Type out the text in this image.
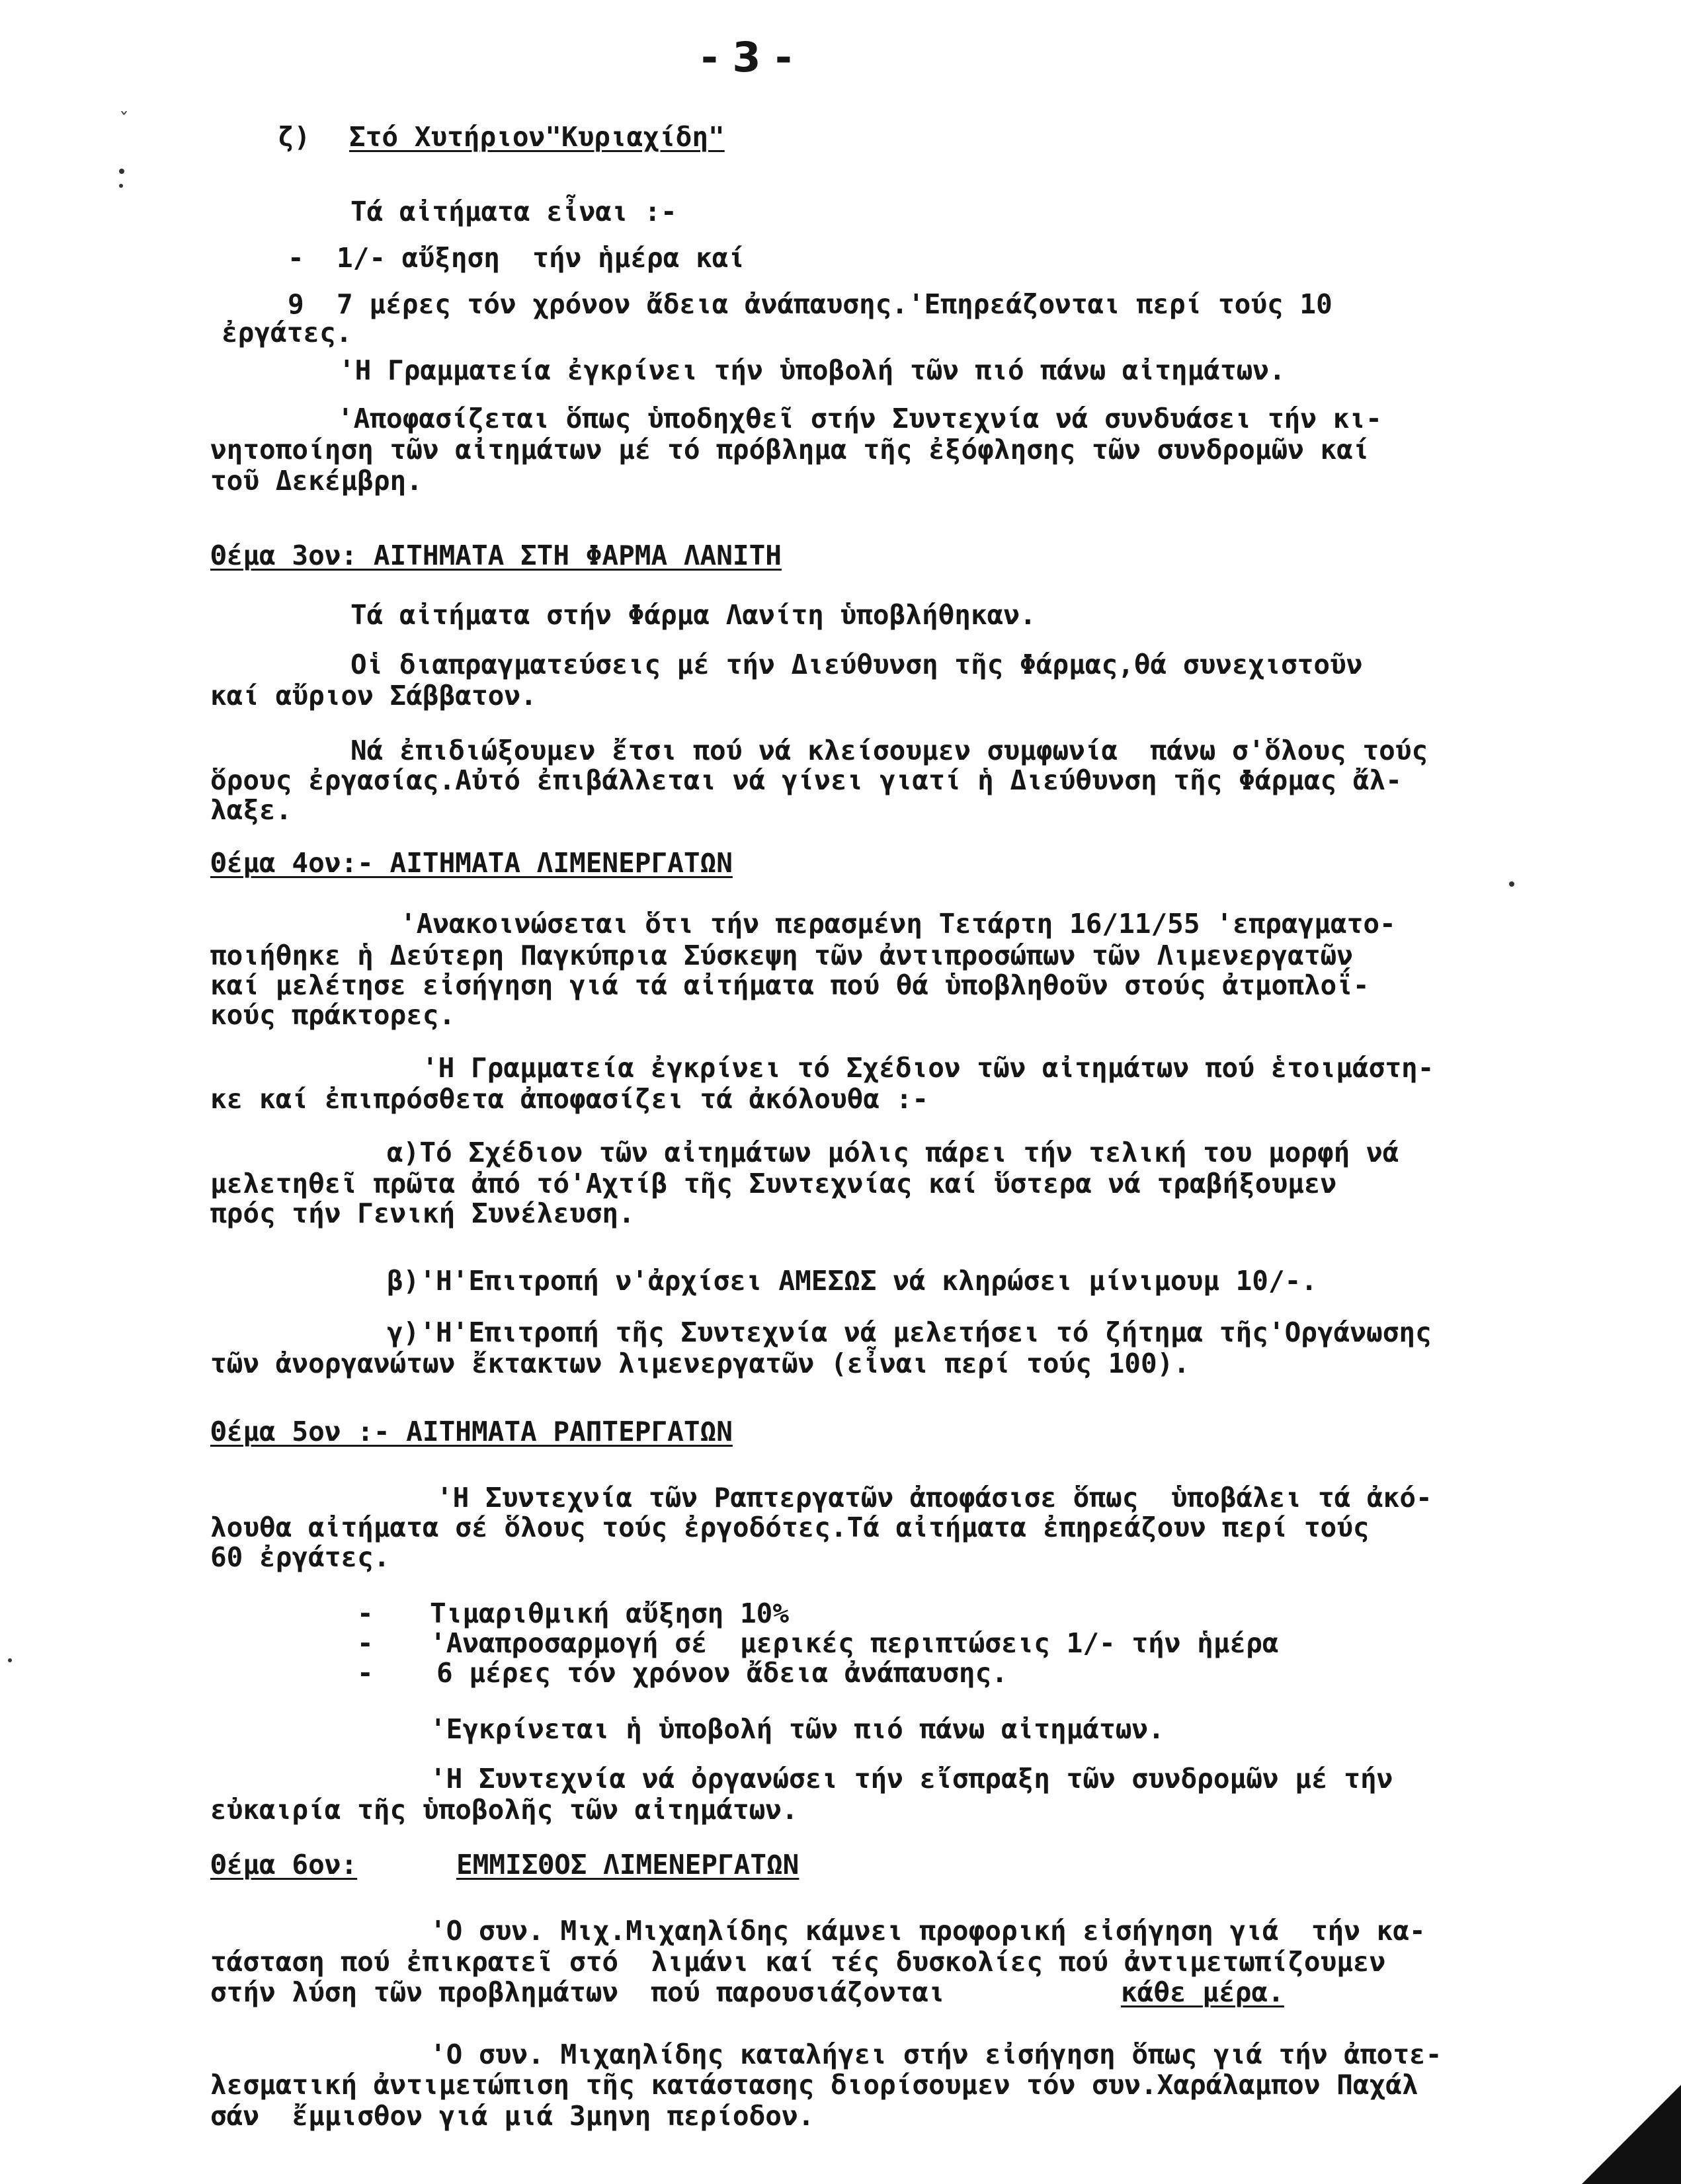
- 3 -
ˇ
ζ) Στό Χυτήριον"Κυριαχίδη"
Τά αἰτήματα εἶναι :-
-  1/- αὔξηση  τήν ἡμέρα καί
9  7 μέρες τόν χρόνον ἄδεια ἀνάπαυσης.'Επηρεάζονται περί τούς 10
ἐργάτες.
'Η Γραμματεία ἐγκρίνει τήν ὑποβολή τῶν πιό πάνω αἰτημάτων.
'Αποφασίζεται ὅπως ὑποδηχθεῖ στήν Συντεχνία νά συνδυάσει τήν κι-
νητοποίηση τῶν αἰτημάτων μέ τό πρόβλημα τῆς ἐξόφλησης τῶν συνδρομῶν καί
τοῦ Δεκέμβρη.
Θέμα 3ον: ΑΙΤΗΜΑΤΑ ΣΤΗ ΦΑΡΜΑ ΛΑΝΙΤΗ
Τά αἰτήματα στήν Φάρμα Λανίτη ὑποβλήθηκαν.
Οἱ διαπραγματεύσεις μέ τήν Διεύθυνση τῆς Φάρμας,θά συνεχιστοῦν
καί αὔριον Σάββατον.
Νά ἐπιδιώξουμεν ἔτσι πού νά κλείσουμεν συμφωνία  πάνω σ'ὅλους τούς
ὅρους ἐργασίας.Αὐτό ἐπιβάλλεται νά γίνει γιατί ἡ Διεύθυνση τῆς Φάρμας ἄλ-
λαξε.
Θέμα 4ον:- ΑΙΤΗΜΑΤΑ ΛΙΜΕΝΕΡΓΑΤΩΝ
'Ανακοινώσεται ὅτι τήν περασμένη Τετάρτη 16/11/55 'επραγματο-
ποιήθηκε ἡ Δεύτερη Παγκύπρια Σύσκεψη τῶν ἀντιπροσώπων τῶν Λιμενεργατῶν
καί μελέτησε εἰσήγηση γιά τά αἰτήματα πού θά ὑποβληθοῦν στούς ἀτμοπλοΐ-
κούς πράκτορες.
'Η Γραμματεία ἐγκρίνει τό Σχέδιον τῶν αἰτημάτων πού ἑτοιμάστη-
κε καί ἐπιπρόσθετα ἀποφασίζει τά ἀκόλουθα :-
α)Τό Σχέδιον τῶν αἰτημάτων μόλις πάρει τήν τελική του μορφή νά
μελετηθεῖ πρῶτα ἀπό τό'Αχτίβ τῆς Συντεχνίας καί ὕστερα νά τραβήξουμεν
πρός τήν Γενική Συνέλευση.
β)'Η'Επιτροπή ν'ἀρχίσει ΑΜΕΣΩΣ νά κληρώσει μίνιμουμ 10/-.
γ)'Η'Επιτροπή τῆς Συντεχνία νά μελετήσει τό ζήτημα τῆς'Οργάνωσης
τῶν ἀνοργανώτων ἔκτακτων λιμενεργατῶν (εἶναι περί τούς 100).
Θέμα 5ον :- ΑΙΤΗΜΑΤΑ ΡΑΠΤΕΡΓΑΤΩΝ
'Η Συντεχνία τῶν Ραπτεργατῶν ἀποφάσισε ὅπως  ὑποβάλει τά ἀκό-
λουθα αἰτήματα σέ ὅλους τούς ἐργοδότες.Τά αἰτήματα ἐπηρεάζουν περί τούς
60 ἐργάτες.
- Τιμαριθμική αὔξηση 10%
- 'Αναπροσαρμογή σέ  μερικές περιπτώσεις 1/- τήν ἡμέρα
- 6 μέρες τόν χρόνον ἄδεια ἀνάπαυσης.
'Εγκρίνεται ἡ ὑποβολή τῶν πιό πάνω αἰτημάτων.
'Η Συντεχνία νά ὀργανώσει τήν εἴσπραξη τῶν συνδρομῶν μέ τήν
εὐκαιρία τῆς ὑποβολῆς τῶν αἰτημάτων.
Θέμα 6ον:	ΕΜΜΙΣΘΟΣ ΛΙΜΕΝΕΡΓΑΤΩΝ
'Ο συν. Μιχ.Μιχαηλίδης κάμνει προφορική εἰσήγηση γιά  τήν κα-
τάσταση πού ἐπικρατεῖ στό  λιμάνι καί τές δυσκολίες πού ἀντιμετωπίζουμεν
στήν λύση τῶν προβλημάτων  πού παρουσιάζονται	κάθε μέρα.
'Ο συν. Μιχαηλίδης καταλήγει στήν εἰσήγηση ὅπως γιά τήν ἀποτε-
λεσματική ἀντιμετώπιση τῆς κατάστασης διορίσουμεν τόν συν.Χαράλαμπον Παχάλ
σάν  ἔμμισθον γιά μιά 3μηνη περίοδον.
